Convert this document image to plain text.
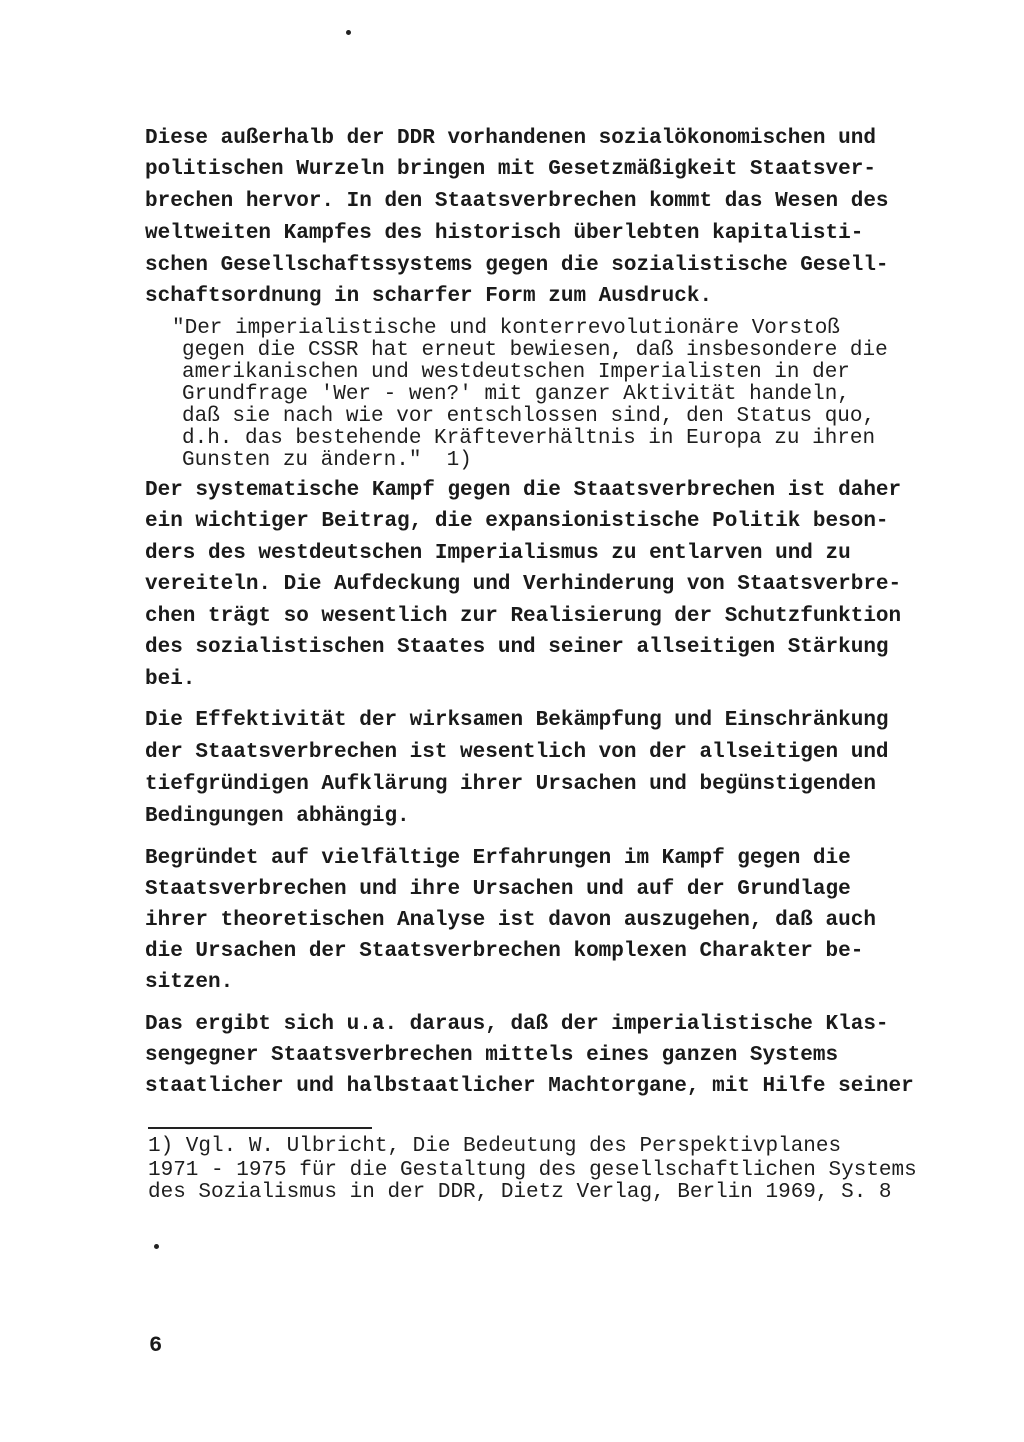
Diese außerhalb der DDR vorhandenen sozialökonomischen und
politischen Wurzeln bringen mit Gesetzmäßigkeit Staatsver-
brechen hervor. In den Staatsverbrechen kommt das Wesen des
weltweiten Kampfes des historisch überlebten kapitalisti-
schen Gesellschaftssystems gegen die sozialistische Gesell-
schaftsordnung in scharfer Form zum Ausdruck.
"Der imperialistische und konterrevolutionäre Vorstoß
gegen die CSSR hat erneut bewiesen, daß insbesondere die
amerikanischen und westdeutschen Imperialisten in der
Grundfrage 'Wer - wen?' mit ganzer Aktivität handeln,
daß sie nach wie vor entschlossen sind, den Status quo,
d.h. das bestehende Kräfteverhältnis in Europa zu ihren
Gunsten zu ändern."  1)
Der systematische Kampf gegen die Staatsverbrechen ist daher
ein wichtiger Beitrag, die expansionistische Politik beson-
ders des westdeutschen Imperialismus zu entlarven und zu
vereiteln. Die Aufdeckung und Verhinderung von Staatsverbre-
chen trägt so wesentlich zur Realisierung der Schutzfunktion
des sozialistischen Staates und seiner allseitigen Stärkung
bei.
Die Effektivität der wirksamen Bekämpfung und Einschränkung
der Staatsverbrechen ist wesentlich von der allseitigen und
tiefgründigen Aufklärung ihrer Ursachen und begünstigenden
Bedingungen abhängig.
Begründet auf vielfältige Erfahrungen im Kampf gegen die
Staatsverbrechen und ihre Ursachen und auf der Grundlage
ihrer theoretischen Analyse ist davon auszugehen, daß auch
die Ursachen der Staatsverbrechen komplexen Charakter be-
sitzen.
Das ergibt sich u.a. daraus, daß der imperialistische Klas-
sengegner Staatsverbrechen mittels eines ganzen Systems
staatlicher und halbstaatlicher Machtorgane, mit Hilfe seiner
1) Vgl. W. Ulbricht, Die Bedeutung des Perspektivplanes
1971 - 1975 für die Gestaltung des gesellschaftlichen Systems
des Sozialismus in der DDR, Dietz Verlag, Berlin 1969, S. 8
6
